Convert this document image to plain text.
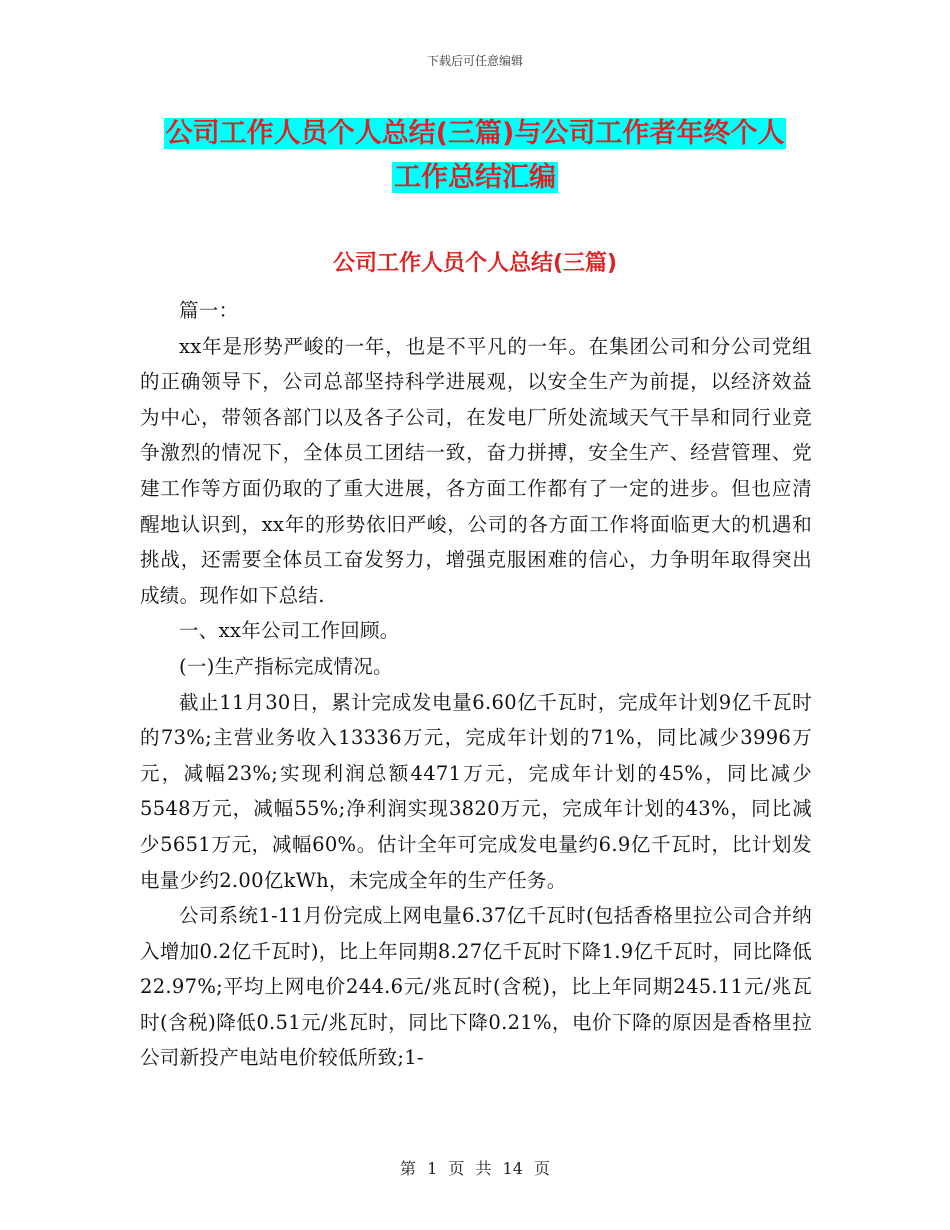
下载后可任意编辑
公司工作人员个人总结(三篇)与公司工作者年终个人
工作总结汇编
公司工作人员个人总结(三篇)

篇一：

xx年是形势严峻的一年，也是不平凡的一年。在集团公司和分公司党组的正确领导下，公司总部坚持科学进展观，以安全生产为前提，以经济效益为中心，带领各部门以及各子公司，在发电厂所处流域天气干旱和同行业竞争激烈的情况下，全体员工团结一致，奋力拼搏，安全生产、经营管理、党建工作等方面仍取的了重大进展，各方面工作都有了一定的进步。但也应清醒地认识到，xx年的形势依旧严峻，公司的各方面工作将面临更大的机遇和挑战，还需要全体员工奋发努力，增强克服困难的信心，力争明年取得突出成绩。现作如下总结.

一、xx年公司工作回顾。

(一)生产指标完成情况。

截止11月30日，累计完成发电量6.60亿千瓦时，完成年计划9亿千瓦时的73%;主营业务收入13336万元，完成年计划的71%，同比减少3996万元，减幅23%;实现利润总额4471万元，完成年计划的45%，同比减少5548万元，减幅55%;净利润实现3820万元，完成年计划的43%，同比减少5651万元，减幅60%。估计全年可完成发电量约6.9亿千瓦时，比计划发电量少约2.00亿kWh，未完成全年的生产任务。

公司系统1-11月份完成上网电量6.37亿千瓦时(包括香格里拉公司合并纳入增加0.2亿千瓦时)，比上年同期8.27亿千瓦时下降1.9亿千瓦时，同比降低22.97%;平均上网电价244.6元/兆瓦时(含税)，比上年同期245.11元/兆瓦时(含税)降低0.51元/兆瓦时，同比下降0.21%，电价下降的原因是香格里拉公司新投产电站电价较低所致;1-

第 1 页 共 14 页
